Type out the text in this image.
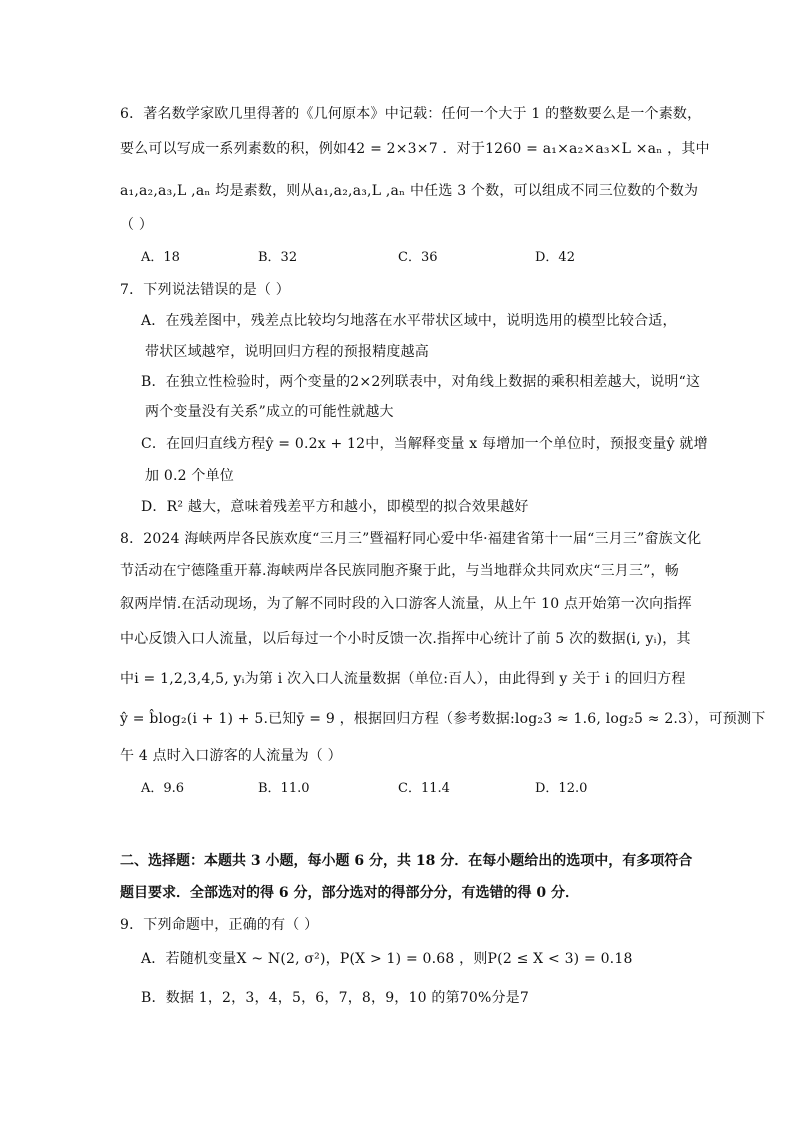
6．著名数学家欧几里得著的《几何原本》中记载：任何一个大于 1 的整数要么是一个素数，
要么可以写成一系列素数的积，例如42 = 2×3×7 ．对于1260 = a₁×a₂×a₃×L ×aₙ ，其中
a₁,a₂,a₃,L ,aₙ 均是素数，则从a₁,a₂,a₃,L ,aₙ 中任选 3 个数，可以组成不同三位数的个数为
（ ）
A．18	B．32	C．36	D．42
7．下列说法错误的是（ ）
A．在残差图中，残差点比较均匀地落在水平带状区域中，说明选用的模型比较合适，
带状区域越窄，说明回归方程的预报精度越高
B．在独立性检验时，两个变量的2×2列联表中，对角线上数据的乘积相差越大，说明“这
两个变量没有关系”成立的可能性就越大
C．在回归直线方程ŷ = 0.2x + 12中，当解释变量 x 每增加一个单位时，预报变量ŷ 就增
加 0.2 个单位
D．R² 越大，意味着残差平方和越小，即模型的拟合效果越好
8．2024 海峡两岸各民族欢度“三月三”暨福籽同心爱中华·福建省第十一届“三月三”畲族文化
节活动在宁德隆重开幕.海峡两岸各民族同胞齐聚于此，与当地群众共同欢庆“三月三”，畅
叙两岸情.在活动现场，为了解不同时段的入口游客人流量，从上午 10 点开始第一次向指挥
中心反馈入口人流量，以后每过一个小时反馈一次.指挥中心统计了前 5 次的数据(i, yᵢ)，其
中i = 1,2,3,4,5, yᵢ为第 i 次入口人流量数据（单位:百人），由此得到 y 关于 i 的回归方程
ŷ = b̂log₂(i + 1) + 5.已知ȳ = 9 ，根据回归方程（参考数据:log₂3 ≈ 1.6, log₂5 ≈ 2.3），可预测下
午 4 点时入口游客的人流量为（ ）
A．9.6	B．11.0	C．11.4	D．12.0
二、选择题：本题共 3 小题，每小题 6 分，共 18 分．在每小题给出的选项中，有多项符合
题目要求．全部选对的得 6 分，部分选对的得部分分，有选错的得 0 分．
9．下列命题中，正确的有（ ）
A．若随机变量X ~ N(2, σ²)，P(X > 1) = 0.68 ，则P(2 ≤ X < 3) = 0.18
B．数据 1，2，3，4，5，6，7，8，9，10 的第70%分是7
